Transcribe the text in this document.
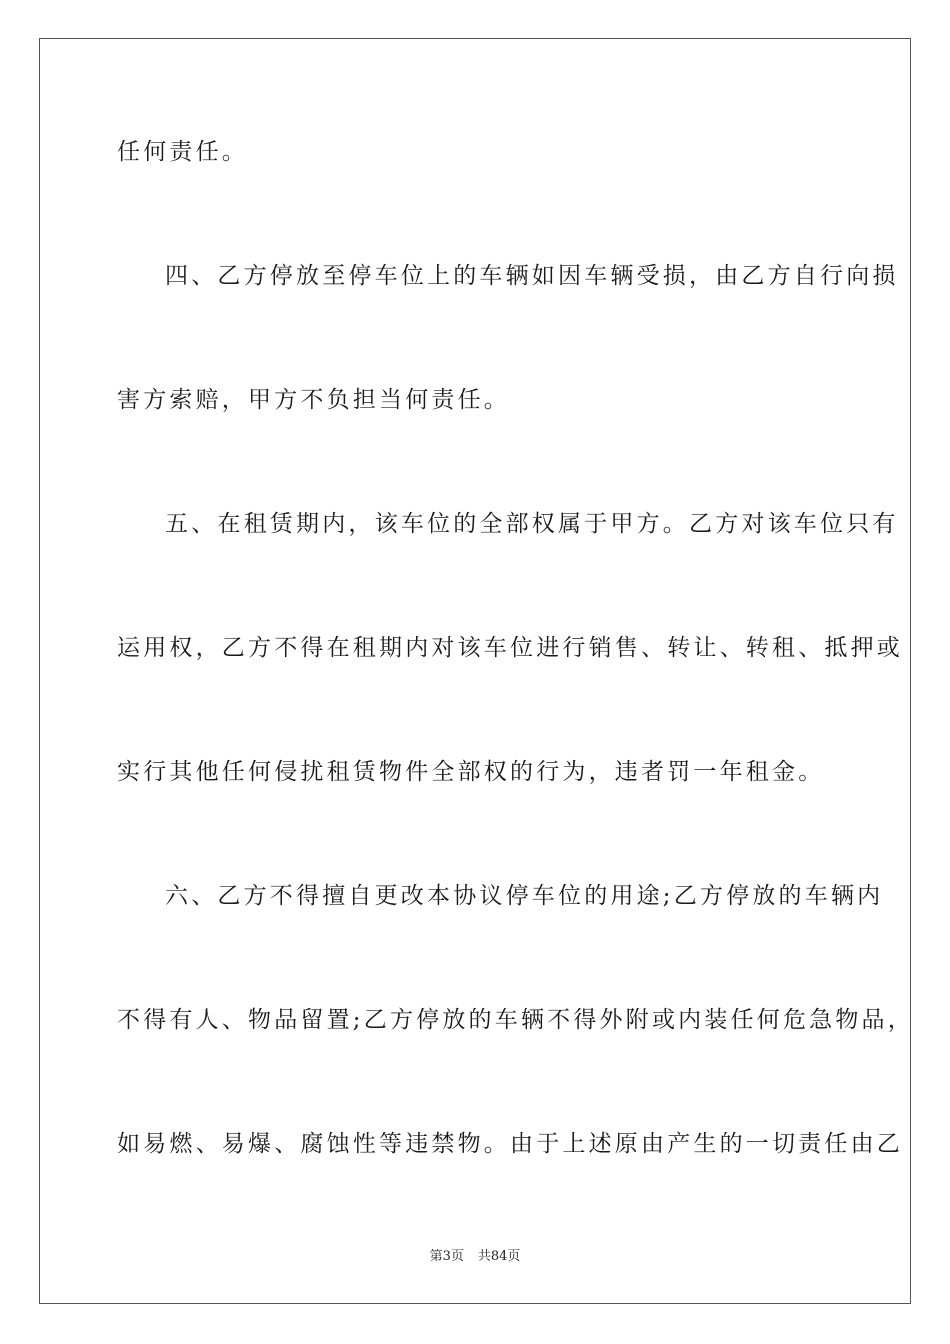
任何责任。
四、乙方停放至停车位上的车辆如因车辆受损，由乙方自行向损
害方索赔，甲方不负担当何责任。
五、在租赁期内，该车位的全部权属于甲方。乙方对该车位只有
运用权，乙方不得在租期内对该车位进行销售、转让、转租、抵押或
实行其他任何侵扰租赁物件全部权的行为，违者罚一年租金。
六、乙方不得擅自更改本协议停车位的用途;乙方停放的车辆内
不得有人、物品留置;乙方停放的车辆不得外附或内装任何危急物品，
如易燃、易爆、腐蚀性等违禁物。由于上述原由产生的一切责任由乙
第3页 共84页
